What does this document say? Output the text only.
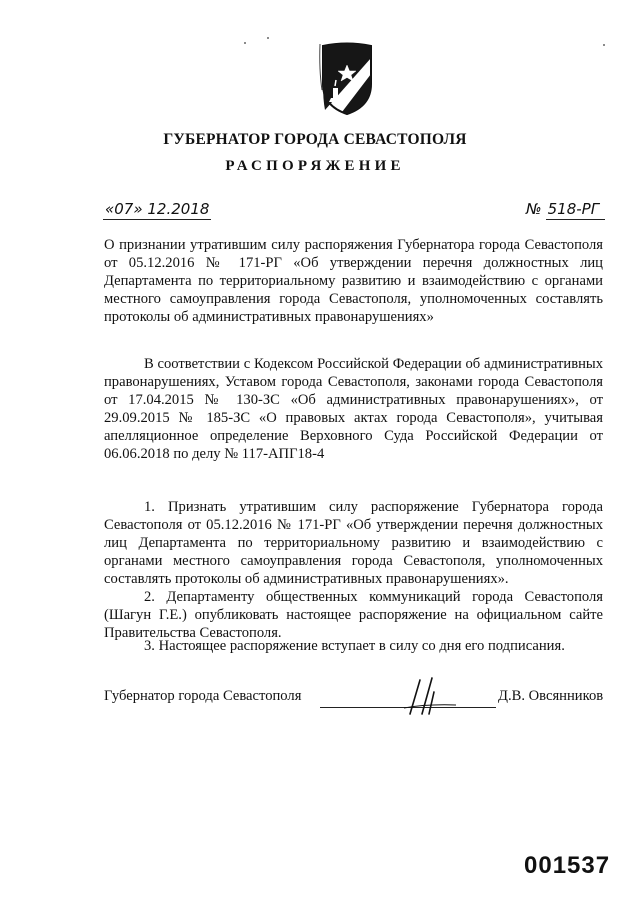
ГУБЕРНАТОР ГОРОДА СЕВАСТОПОЛЯ
РАСПОРЯЖЕНИЕ
«07» 12.2018	№ 518-РГ
О признании утратившим силу распоряжения Губернатора города Севастополя от 05.12.2016 № 171-РГ «Об утверждении перечня должностных лиц Департамента по территориальному развитию и взаимодействию с органами местного самоуправления города Севастополя, уполномоченных составлять протоколы об административных правонарушениях»
В соответствии с Кодексом Российской Федерации об административных правонарушениях, Уставом города Севастополя, законами города Севастополя от 17.04.2015 № 130-ЗС «Об административных правонарушениях», от 29.09.2015 № 185-ЗС «О правовых актах города Севастополя», учитывая апелляционное определение Верховного Суда Российской Федерации от 06.06.2018 по делу № 117-АПГ18-4
1. Признать утратившим силу распоряжение Губернатора города Севастополя от 05.12.2016 № 171-РГ «Об утверждении перечня должностных лиц Департамента по территориальному развитию и взаимодействию с органами местного самоуправления города Севастополя, уполномоченных составлять протоколы об административных правонарушениях».
2. Департаменту общественных коммуникаций города Севастополя (Шагун Г.Е.) опубликовать настоящее распоряжение на официальном сайте Правительства Севастополя.
3. Настоящее распоряжение вступает в силу со дня его подписания.
Губернатор города Севастополя	Д.В. Овсянников
001537
